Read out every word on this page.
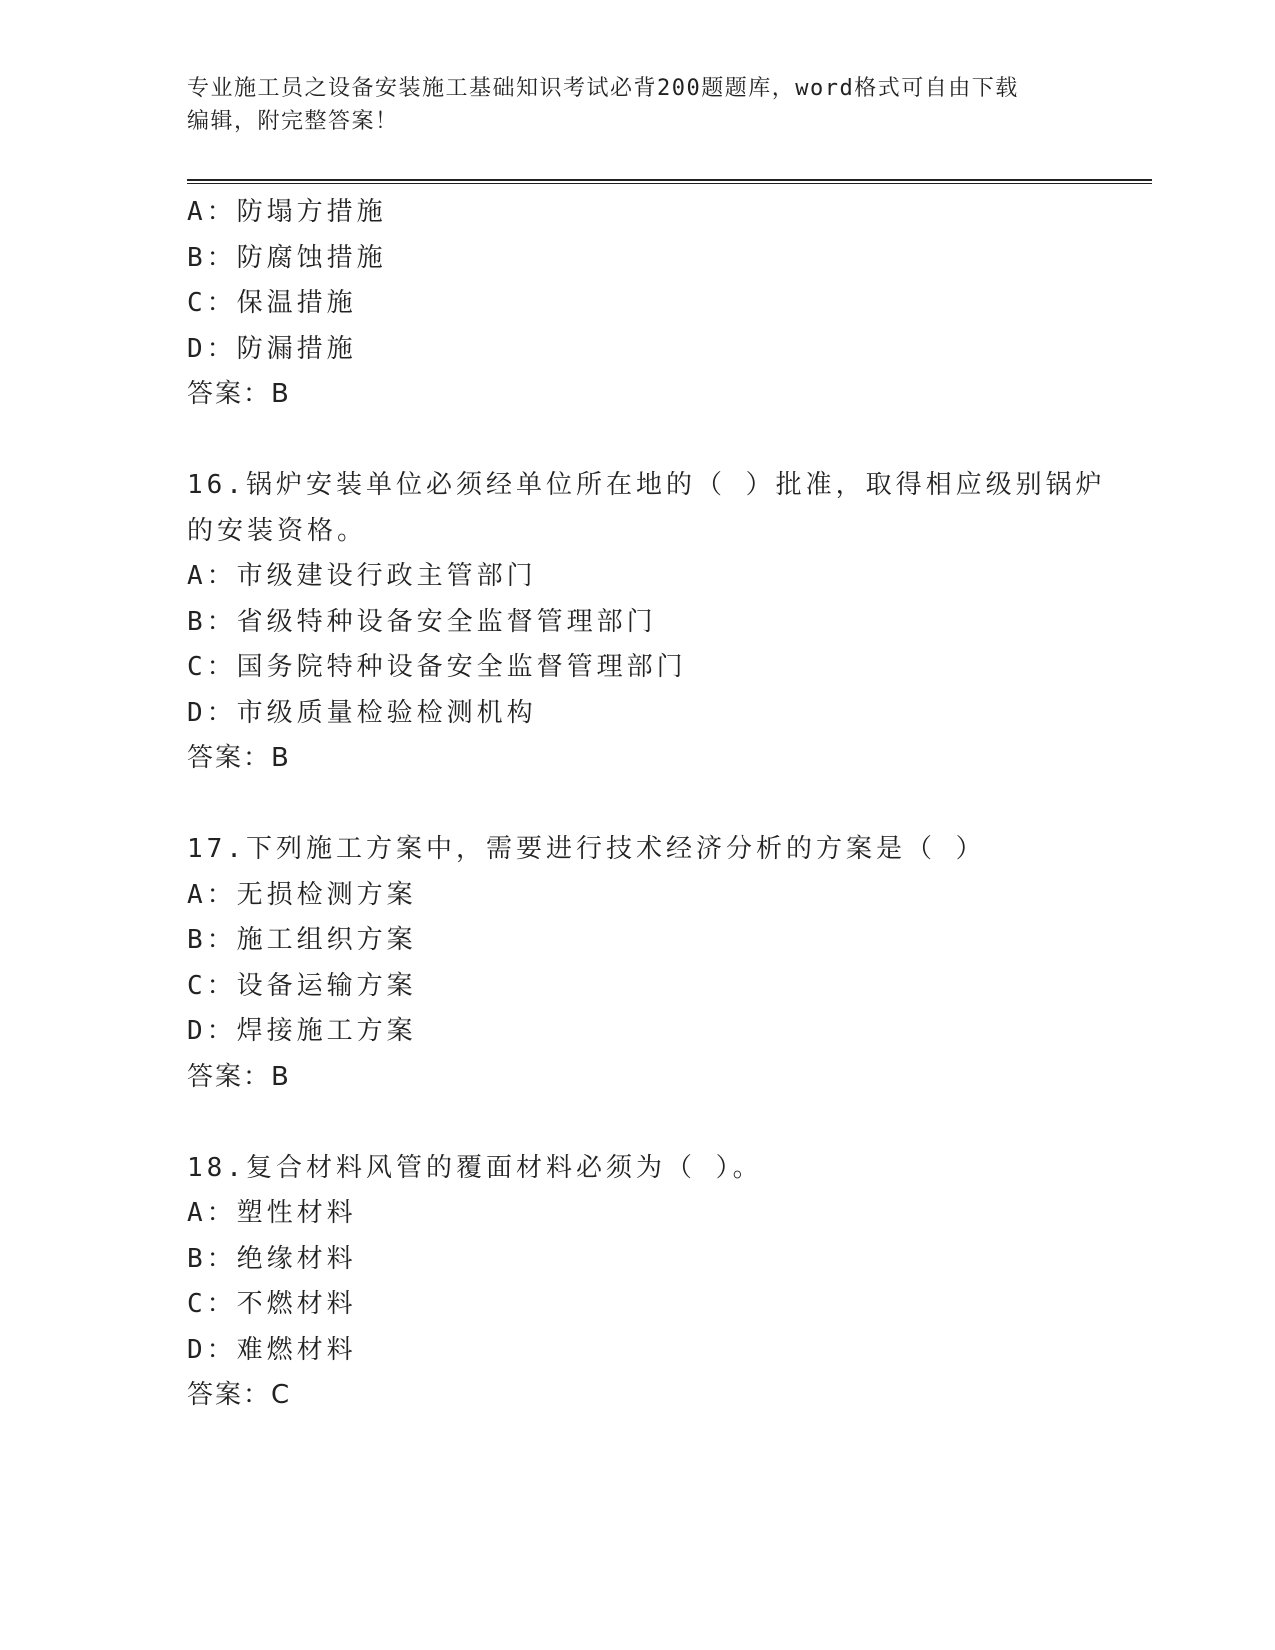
专业施工员之设备安装施工基础知识考试必背200题题库，word格式可自由下载
编辑，附完整答案！
A：防塌方措施
B：防腐蚀措施
C：保温措施
D：防漏措施
答案：B
16.锅炉安装单位必须经单位所在地的（ ）批准，取得相应级别锅炉
的安装资格。
A：市级建设行政主管部门
B：省级特种设备安全监督管理部门
C：国务院特种设备安全监督管理部门
D：市级质量检验检测机构
答案：B
17.下列施工方案中，需要进行技术经济分析的方案是（ ）
A：无损检测方案
B：施工组织方案
C：设备运输方案
D：焊接施工方案
答案：B
18.复合材料风管的覆面材料必须为（ ）。
A：塑性材料
B：绝缘材料
C：不燃材料
D：难燃材料
答案：C
